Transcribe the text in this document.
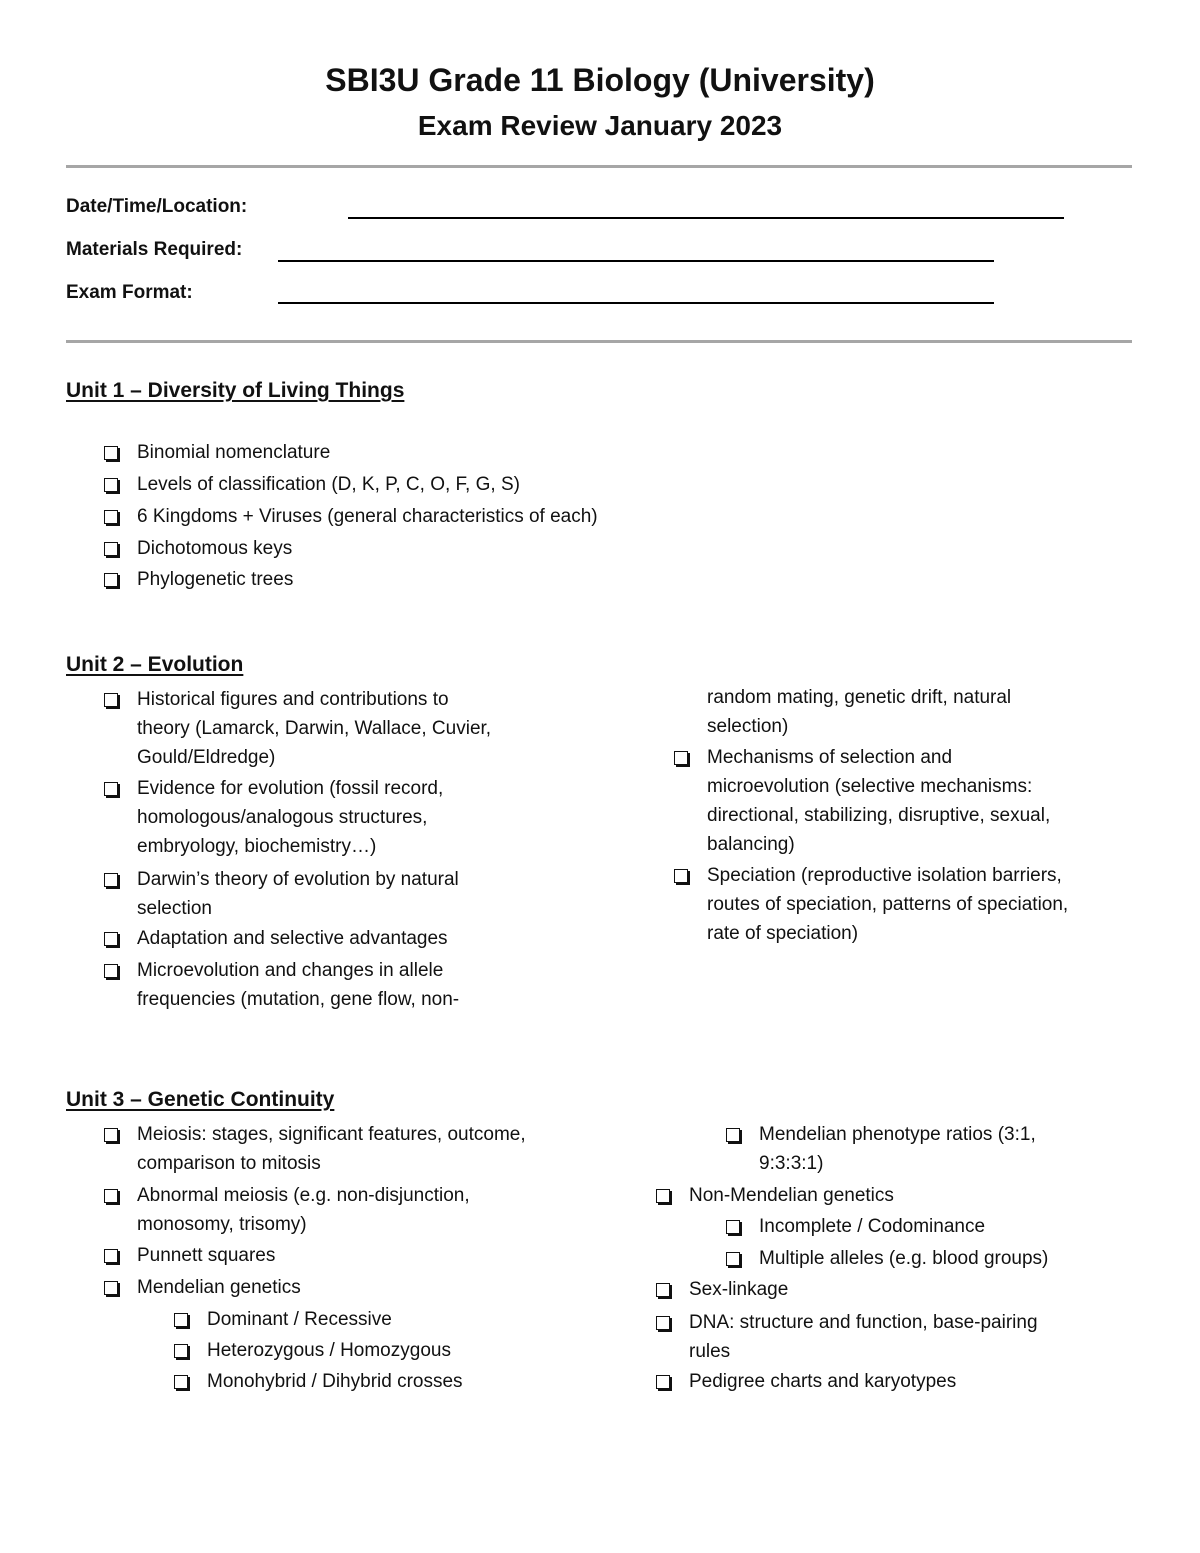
SBI3U Grade 11 Biology (University)
Exam Review January 2023
Date/Time/Location:
Materials Required:
Exam Format:
Unit 1 – Diversity of Living Things
Binomial nomenclature
Levels of classification (D, K, P, C, O, F, G, S)
6 Kingdoms + Viruses (general characteristics of each)
Dichotomous keys
Phylogenetic trees
Unit 2 – Evolution
Historical figures and contributions to
theory (Lamarck, Darwin, Wallace, Cuvier,
Gould/Eldredge)
Evidence for evolution (fossil record,
homologous/analogous structures,
embryology, biochemistry…)
Darwin’s theory of evolution by natural
selection
Adaptation and selective advantages
Microevolution and changes in allele
frequencies (mutation, gene flow, non-
random mating, genetic drift, natural
selection)
Mechanisms of selection and
microevolution (selective mechanisms:
directional, stabilizing, disruptive, sexual,
balancing)
Speciation (reproductive isolation barriers,
routes of speciation, patterns of speciation,
rate of speciation)
Unit 3 – Genetic Continuity
Meiosis: stages, significant features, outcome,
comparison to mitosis
Abnormal meiosis (e.g. non-disjunction,
monosomy, trisomy)
Punnett squares
Mendelian genetics
Dominant / Recessive
Heterozygous / Homozygous
Monohybrid / Dihybrid crosses
Mendelian phenotype ratios (3:1,
9:3:3:1)
Non-Mendelian genetics
Incomplete / Codominance
Multiple alleles (e.g. blood groups)
Sex-linkage
DNA: structure and function, base-pairing
rules
Pedigree charts and karyotypes
